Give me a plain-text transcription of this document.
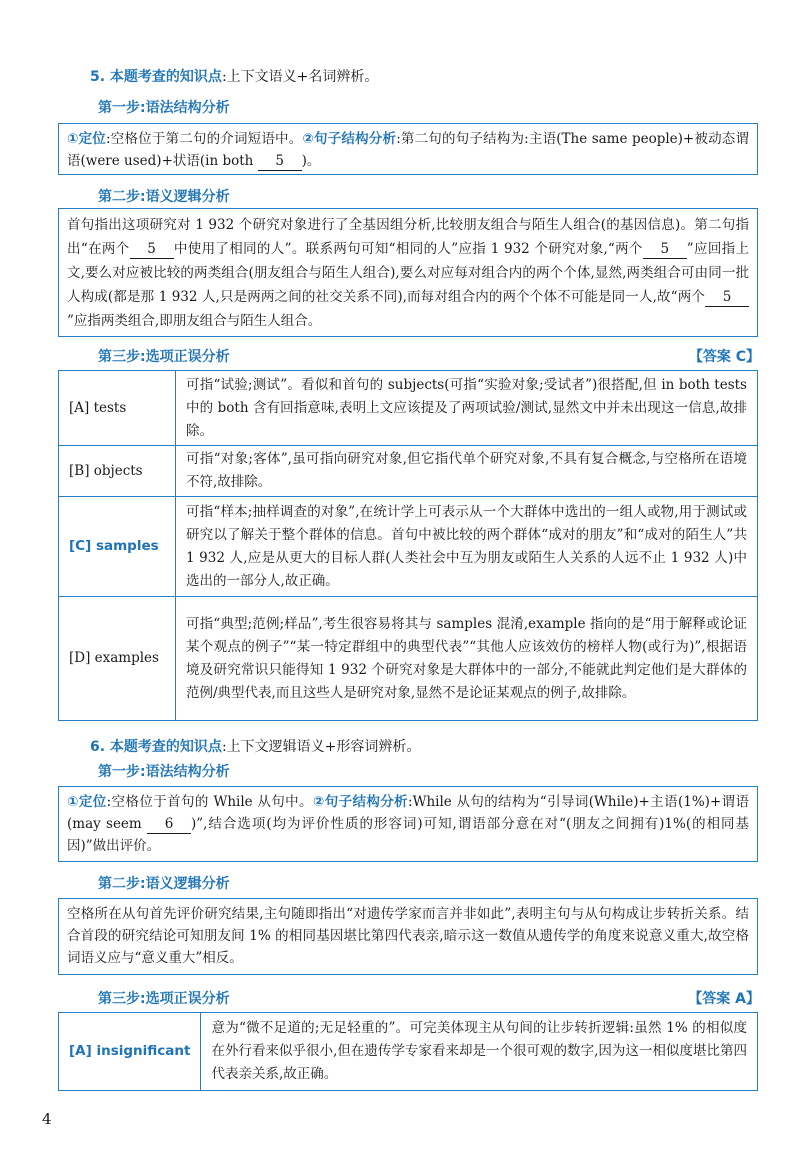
5. 本题考查的知识点:上下文语义+名词辨析。
第一步:语法结构分析

①定位:空格位于第二句的介词短语中。②句子结构分析:第二句的句子结构为:主语(The same people)+被动态谓语(were used)+状语(in both 5 )。

第二步:语义逻辑分析

首句指出这项研究对 1 932 个研究对象进行了全基因组分析,比较朋友组合与陌生人组合(的基因信息)。第二句指出“在两个 5 中使用了相同的人”。联系两句可知“相同的人”应指 1 932 个研究对象,“两个 5 ”应回指上文,要么对应被比较的两类组合(朋友组合与陌生人组合),要么对应每对组合内的两个个体,显然,两类组合可由同一批人构成(都是那 1 932 人,只是两两之间的社交关系不同),而每对组合内的两个个体不可能是同一人,故“两个 5”应指两类组合,即朋友组合与陌生人组合。

第三步:选项正误分析	【答案 C】
[A] tests	可指“试验;测试”。看似和首句的 subjects(可指“实验对象;受试者”)很搭配,但 in both tests 中的 both 含有回指意味,表明上文应该提及了两项试验/测试,显然文中并未出现这一信息,故排除。
[B] objects	可指“对象;客体”,虽可指向研究对象,但它指代单个研究对象,不具有复合概念,与空格所在语境不符,故排除。
[C] samples	可指“样本;抽样调查的对象”,在统计学上可表示从一个大群体中选出的一组人或物,用于测试或研究以了解关于整个群体的信息。首句中被比较的两个群体“成对的朋友”和“成对的陌生人”共 1 932 人,应是从更大的目标人群(人类社会中互为朋友或陌生人关系的人远不止 1 932 人)中选出的一部分人,故正确。
[D] examples	可指“典型;范例;样品”,考生很容易将其与 samples 混淆,example 指向的是“用于解释或论证某个观点的例子”“某一特定群组中的典型代表”“其他人应该效仿的榜样人物(或行为)”,根据语境及研究常识只能得知 1 932 个研究对象是大群体中的一部分,不能就此判定他们是大群体的范例/典型代表,而且这些人是研究对象,显然不是论证某观点的例子,故排除。
6. 本题考查的知识点:上下文逻辑语义+形容词辨析。
第一步:语法结构分析

①定位:空格位于首句的 While 从句中。②句子结构分析:While 从句的结构为“引导词(While)+主语(1%)+谓语(may seem 6 )”,结合选项(均为评价性质的形容词)可知,谓语部分意在对“(朋友之间拥有)1%(的相同基因)”做出评价。

第二步:语义逻辑分析

空格所在从句首先评价研究结果,主句随即指出“对遗传学家而言并非如此”,表明主句与从句构成让步转折关系。结合首段的研究结论可知朋友间 1% 的相同基因堪比第四代表亲,暗示这一数值从遗传学的角度来说意义重大,故空格词语义应与“意义重大”相反。

第三步:选项正误分析	【答案 A】
[A] insignificant	意为“微不足道的;无足轻重的”。可完美体现主从句间的让步转折逻辑:虽然 1% 的相似度在外行看来似乎很小,但在遗传学专家看来却是一个很可观的数字,因为这一相似度堪比第四代表亲关系,故正确。
4
